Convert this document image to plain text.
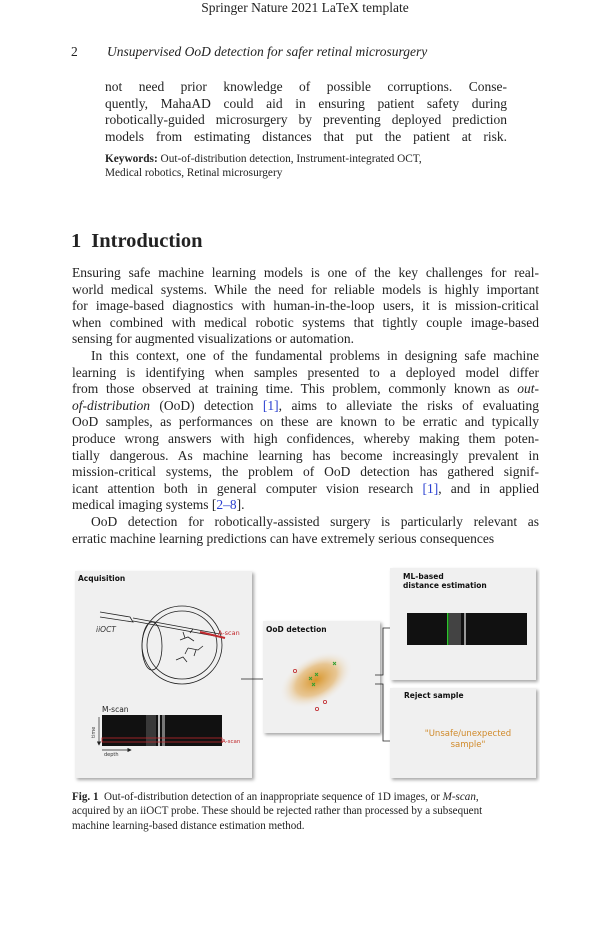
Springer Nature 2021 LaTeX template
2 Unsupervised OoD detection for safer retinal microsurgery
not need prior knowledge of possible corruptions. Conse-
quently, MahaAD could aid in ensuring patient safety during
robotically-guided microsurgery by preventing deployed prediction
models from estimating distances that put the patient at risk.
Keywords: Out-of-distribution detection, Instrument-integrated OCT,
Medical robotics, Retinal microsurgery
1 Introduction
Ensuring safe machine learning models is one of the key challenges for real-
world medical systems. While the need for reliable models is highly important
for image-based diagnostics with human-in-the-loop users, it is mission-critical
when combined with medical robotic systems that tightly couple image-based
sensing for augmented visualizations or automation.
In this context, one of the fundamental problems in designing safe machine
learning is identifying when samples presented to a deployed model differ
from those observed at training time. This problem, commonly known as out-
of-distribution (OoD) detection [1], aims to alleviate the risks of evaluating
OoD samples, as performances on these are known to be erratic and typically
produce wrong answers with high confidences, whereby making them poten-
tially dangerous. As machine learning has become increasingly prevalent in
mission-critical systems, the problem of OoD detection has gathered signif-
icant attention both in general computer vision research [1], and in applied
medical imaging systems [2–8].
OoD detection for robotically-assisted surgery is particularly relevant as
erratic machine learning predictions can have extremely serious consequences
Acquisition
iiOCT	A-scan
M-scan
A-scan
time
depth
OoD detection
ML-based
distance estimation
Reject sample
"Unsafe/unexpected
sample"
Fig. 1 Out-of-distribution detection of an inappropriate sequence of 1D images, or M-scan,
acquired by an iiOCT probe. These should be rejected rather than processed by a subsequent
machine learning-based distance estimation method.
